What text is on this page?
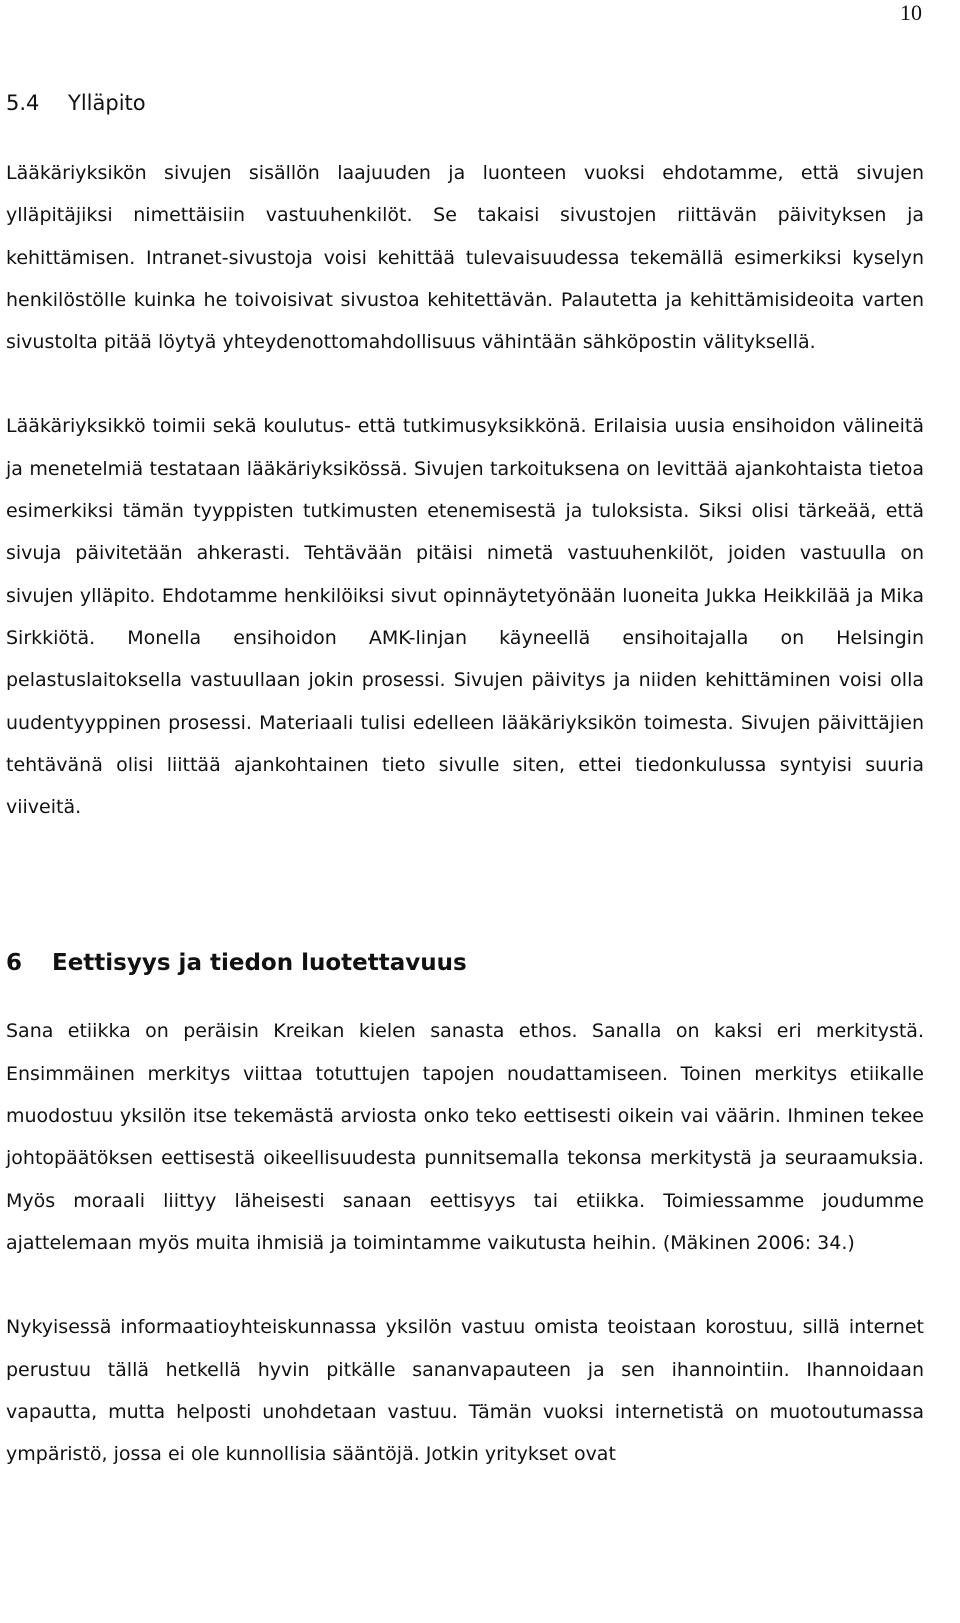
10
5.4 Ylläpito

Lääkäriyksikön sivujen sisällön laajuuden ja luonteen vuoksi ehdotamme, että sivujen ylläpitäjiksi nimettäisiin vastuuhenkilöt. Se takaisi sivustojen riittävän päivityksen ja kehittämisen. Intranet-sivustoja voisi kehittää tulevaisuudessa tekemällä esimerkiksi kyselyn henkilöstölle kuinka he toivoisivat sivustoa kehitettävän. Palautetta ja kehittämisideoita varten sivustolta pitää löytyä yhteydenottomahdollisuus vähintään sähköpostin välityksellä.

Lääkäriyksikkö toimii sekä koulutus- että tutkimusyksikkönä. Erilaisia uusia ensihoidon välineitä ja menetelmiä testataan lääkäriyksikössä. Sivujen tarkoituksena on levittää ajankohtaista tietoa esimerkiksi tämän tyyppisten tutkimusten etenemisestä ja tuloksista. Siksi olisi tärkeää, että sivuja päivitetään ahkerasti. Tehtävään pitäisi nimetä vastuuhenkilöt, joiden vastuulla on sivujen ylläpito. Ehdotamme henkilöiksi sivut opinnäytetyönään luoneita Jukka Heikkilää ja Mika Sirkkiötä. Monella ensihoidon AMK-linjan käyneellä ensihoitajalla on Helsingin pelastuslaitoksella vastuullaan jokin prosessi. Sivujen päivitys ja niiden kehittäminen voisi olla uudentyyppinen prosessi. Materiaali tulisi edelleen lääkäriyksikön toimesta. Sivujen päivittäjien tehtävänä olisi liittää ajankohtainen tieto sivulle siten, ettei tiedonkulussa syntyisi suuria viiveitä.

6 Eettisyys ja tiedon luotettavuus

Sana etiikka on peräisin Kreikan kielen sanasta ethos. Sanalla on kaksi eri merkitystä. Ensimmäinen merkitys viittaa totuttujen tapojen noudattamiseen. Toinen merkitys etiikalle muodostuu yksilön itse tekemästä arviosta onko teko eettisesti oikein vai väärin. Ihminen tekee johtopäätöksen eettisestä oikeellisuudesta punnitsemalla tekonsa merkitystä ja seuraamuksia. Myös moraali liittyy läheisesti sanaan eettisyys tai etiikka. Toimiessamme joudumme ajattelemaan myös muita ihmisiä ja toimintamme vaikutusta heihin. (Mäkinen 2006: 34.)

Nykyisessä informaatioyhteiskunnassa yksilön vastuu omista teoistaan korostuu, sillä internet perustuu tällä hetkellä hyvin pitkälle sananvapauteen ja sen ihannointiin. Ihannoidaan vapautta, mutta helposti unohdetaan vastuu. Tämän vuoksi internetistä on muotoutumassa ympäristö, jossa ei ole kunnollisia sääntöjä. Jotkin yritykset ovat
